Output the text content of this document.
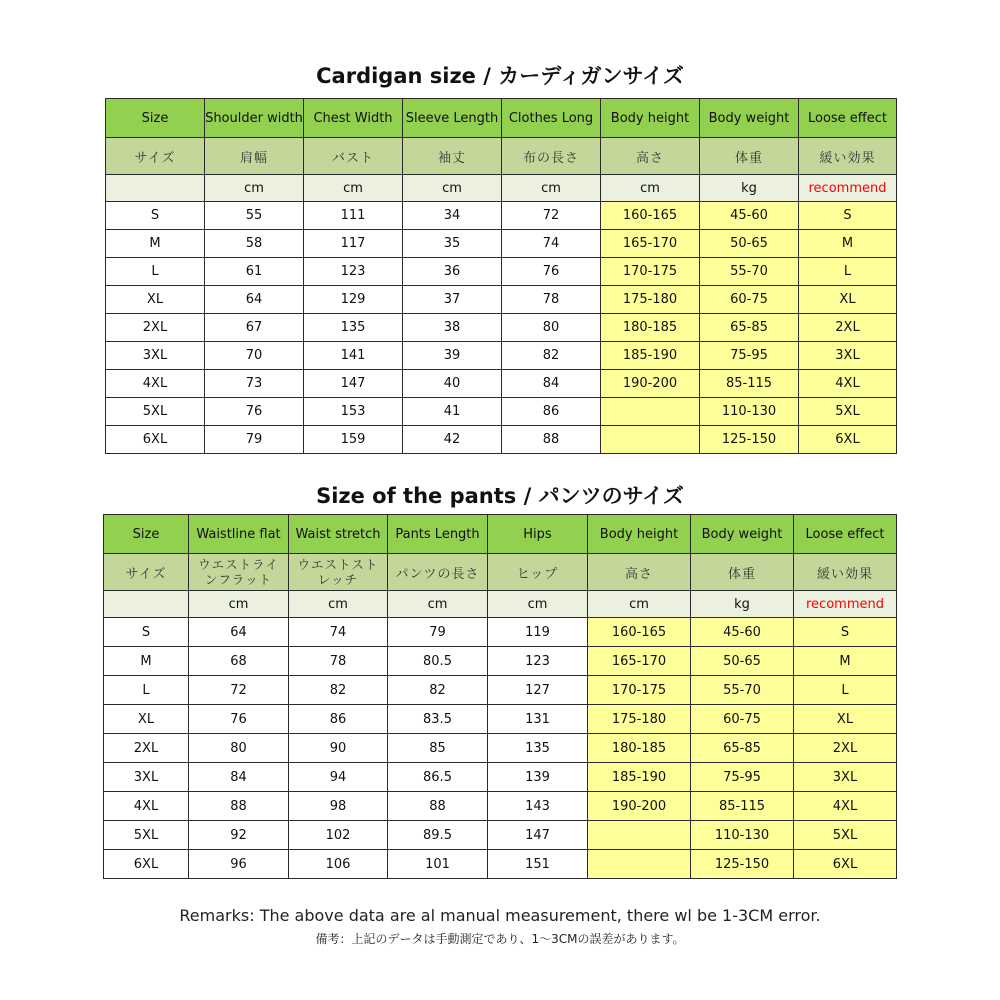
Cardigan size / カーディガンサイズ
Size	Shoulder width	Chest Width	Sleeve Length	Clothes Long	Body height	Body weight	Loose effect
サイズ	肩幅	バスト	袖丈	布の長さ	高さ	体重	緩い効果
	cm	cm	cm	cm	cm	kg	recommend
S	55	111	34	72	160-165	45-60	S
M	58	117	35	74	165-170	50-65	M
L	61	123	36	76	170-175	55-70	L
XL	64	129	37	78	175-180	60-75	XL
2XL	67	135	38	80	180-185	65-85	2XL
3XL	70	141	39	82	185-190	75-95	3XL
4XL	73	147	40	84	190-200	85-115	4XL
5XL	76	153	41	86		110-130	5XL
6XL	79	159	42	88		125-150	6XL
Size of the pants / パンツのサイズ
Size	Waistline flat	Waist stretch	Pants Length	Hips	Body height	Body weight	Loose effect
サイズ	ウエストライ ンフラット	ウエストスト レッチ	パンツの長さ	ヒップ	高さ	体重	緩い効果
	cm	cm	cm	cm	cm	kg	recommend
S	64	74	79	119	160-165	45-60	S
M	68	78	80.5	123	165-170	50-65	M
L	72	82	82	127	170-175	55-70	L
XL	76	86	83.5	131	175-180	60-75	XL
2XL	80	90	85	135	180-185	65-85	2XL
3XL	84	94	86.5	139	185-190	75-95	3XL
4XL	88	98	88	143	190-200	85-115	4XL
5XL	92	102	89.5	147		110-130	5XL
6XL	96	106	101	151		125-150	6XL
Remarks: The above data are al manual measurement, there wl be 1-3CM error.
備考：上記のデータは手動測定であり、1～3CMの誤差があります。
